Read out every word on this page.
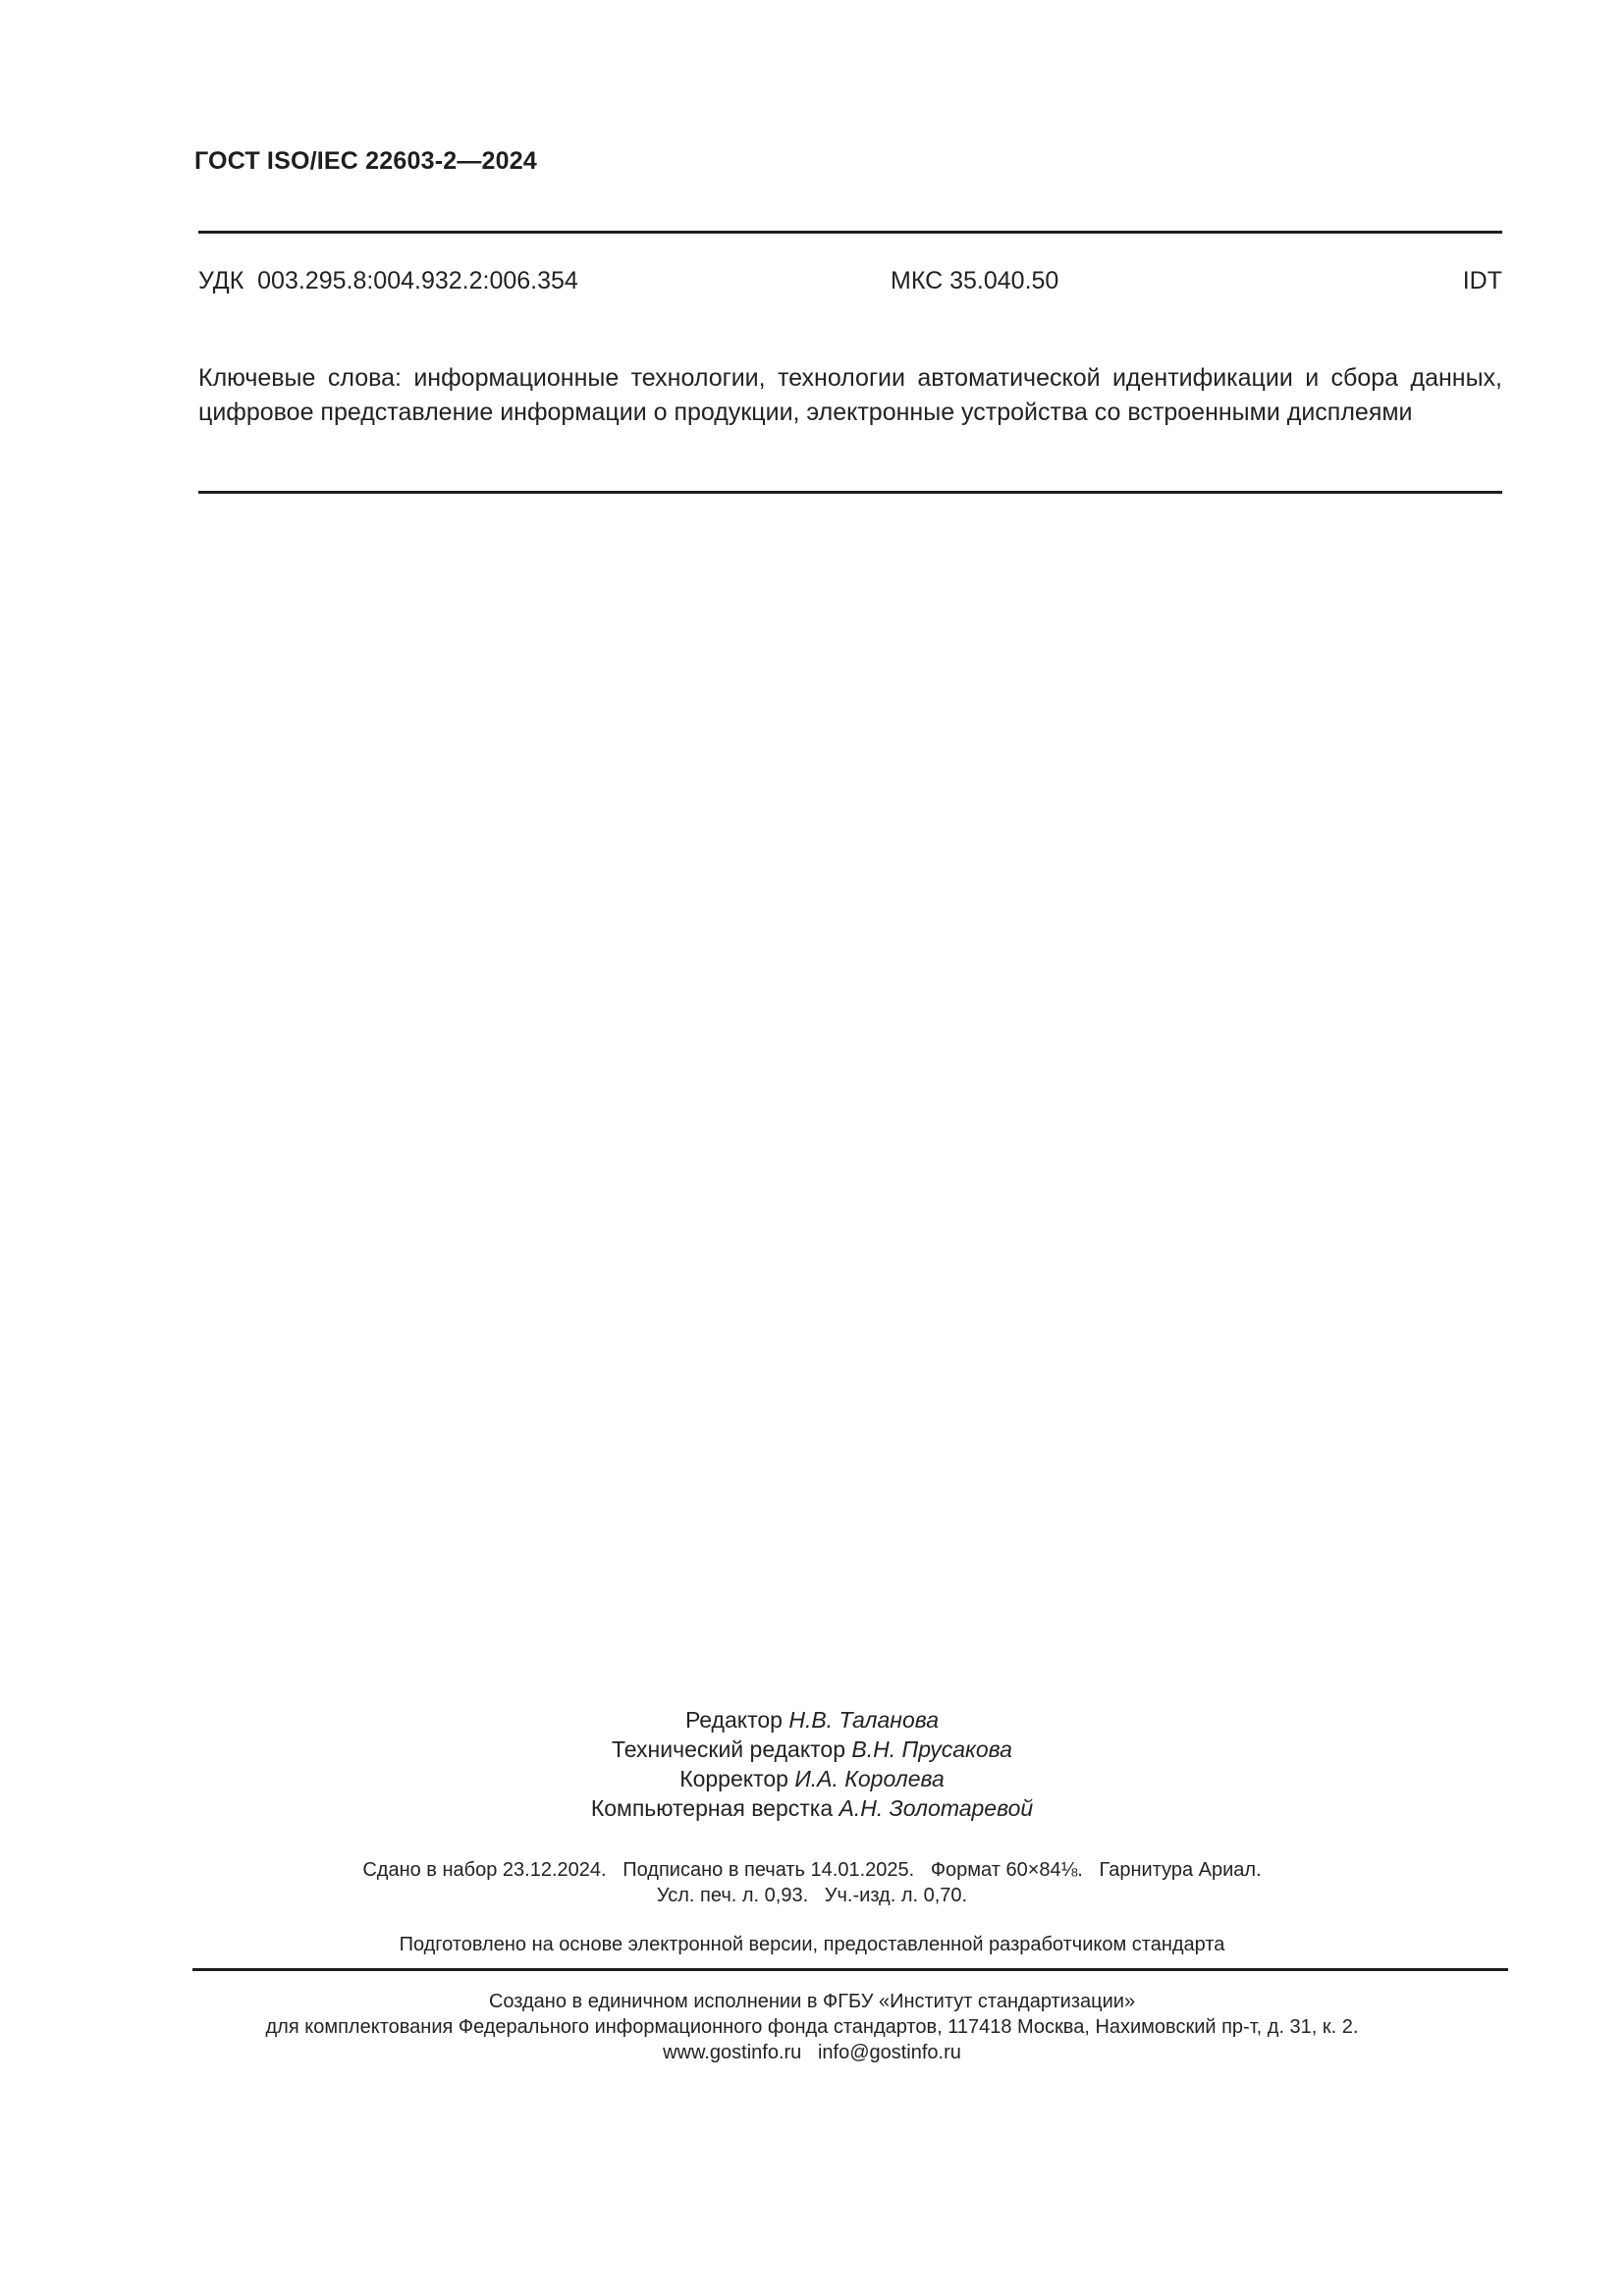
ГОСТ ISO/IEC 22603-2—2024
УДК  003.295.8:004.932.2:006.354	МКС 35.040.50	IDT
Ключевые слова: информационные технологии, технологии автоматической идентификации и сбора данных, цифровое представление информации о продукции, электронные устройства со встроенными дисплеями
Редактор Н.В. Таланова
Технический редактор В.Н. Прусакова
Корректор И.А. Королева
Компьютерная верстка А.Н. Золотаревой
Сдано в набор 23.12.2024.   Подписано в печать 14.01.2025.   Формат 60×84⅛.   Гарнитура Ариал.
Усл. печ. л. 0,93.   Уч.-изд. л. 0,70.
Подготовлено на основе электронной версии, предоставленной разработчиком стандарта
Создано в единичном исполнении в ФГБУ «Институт стандартизации»
для комплектования Федерального информационного фонда стандартов, 117418 Москва, Нахимовский пр-т, д. 31, к. 2.
www.gostinfo.ru info@gostinfo.ru
